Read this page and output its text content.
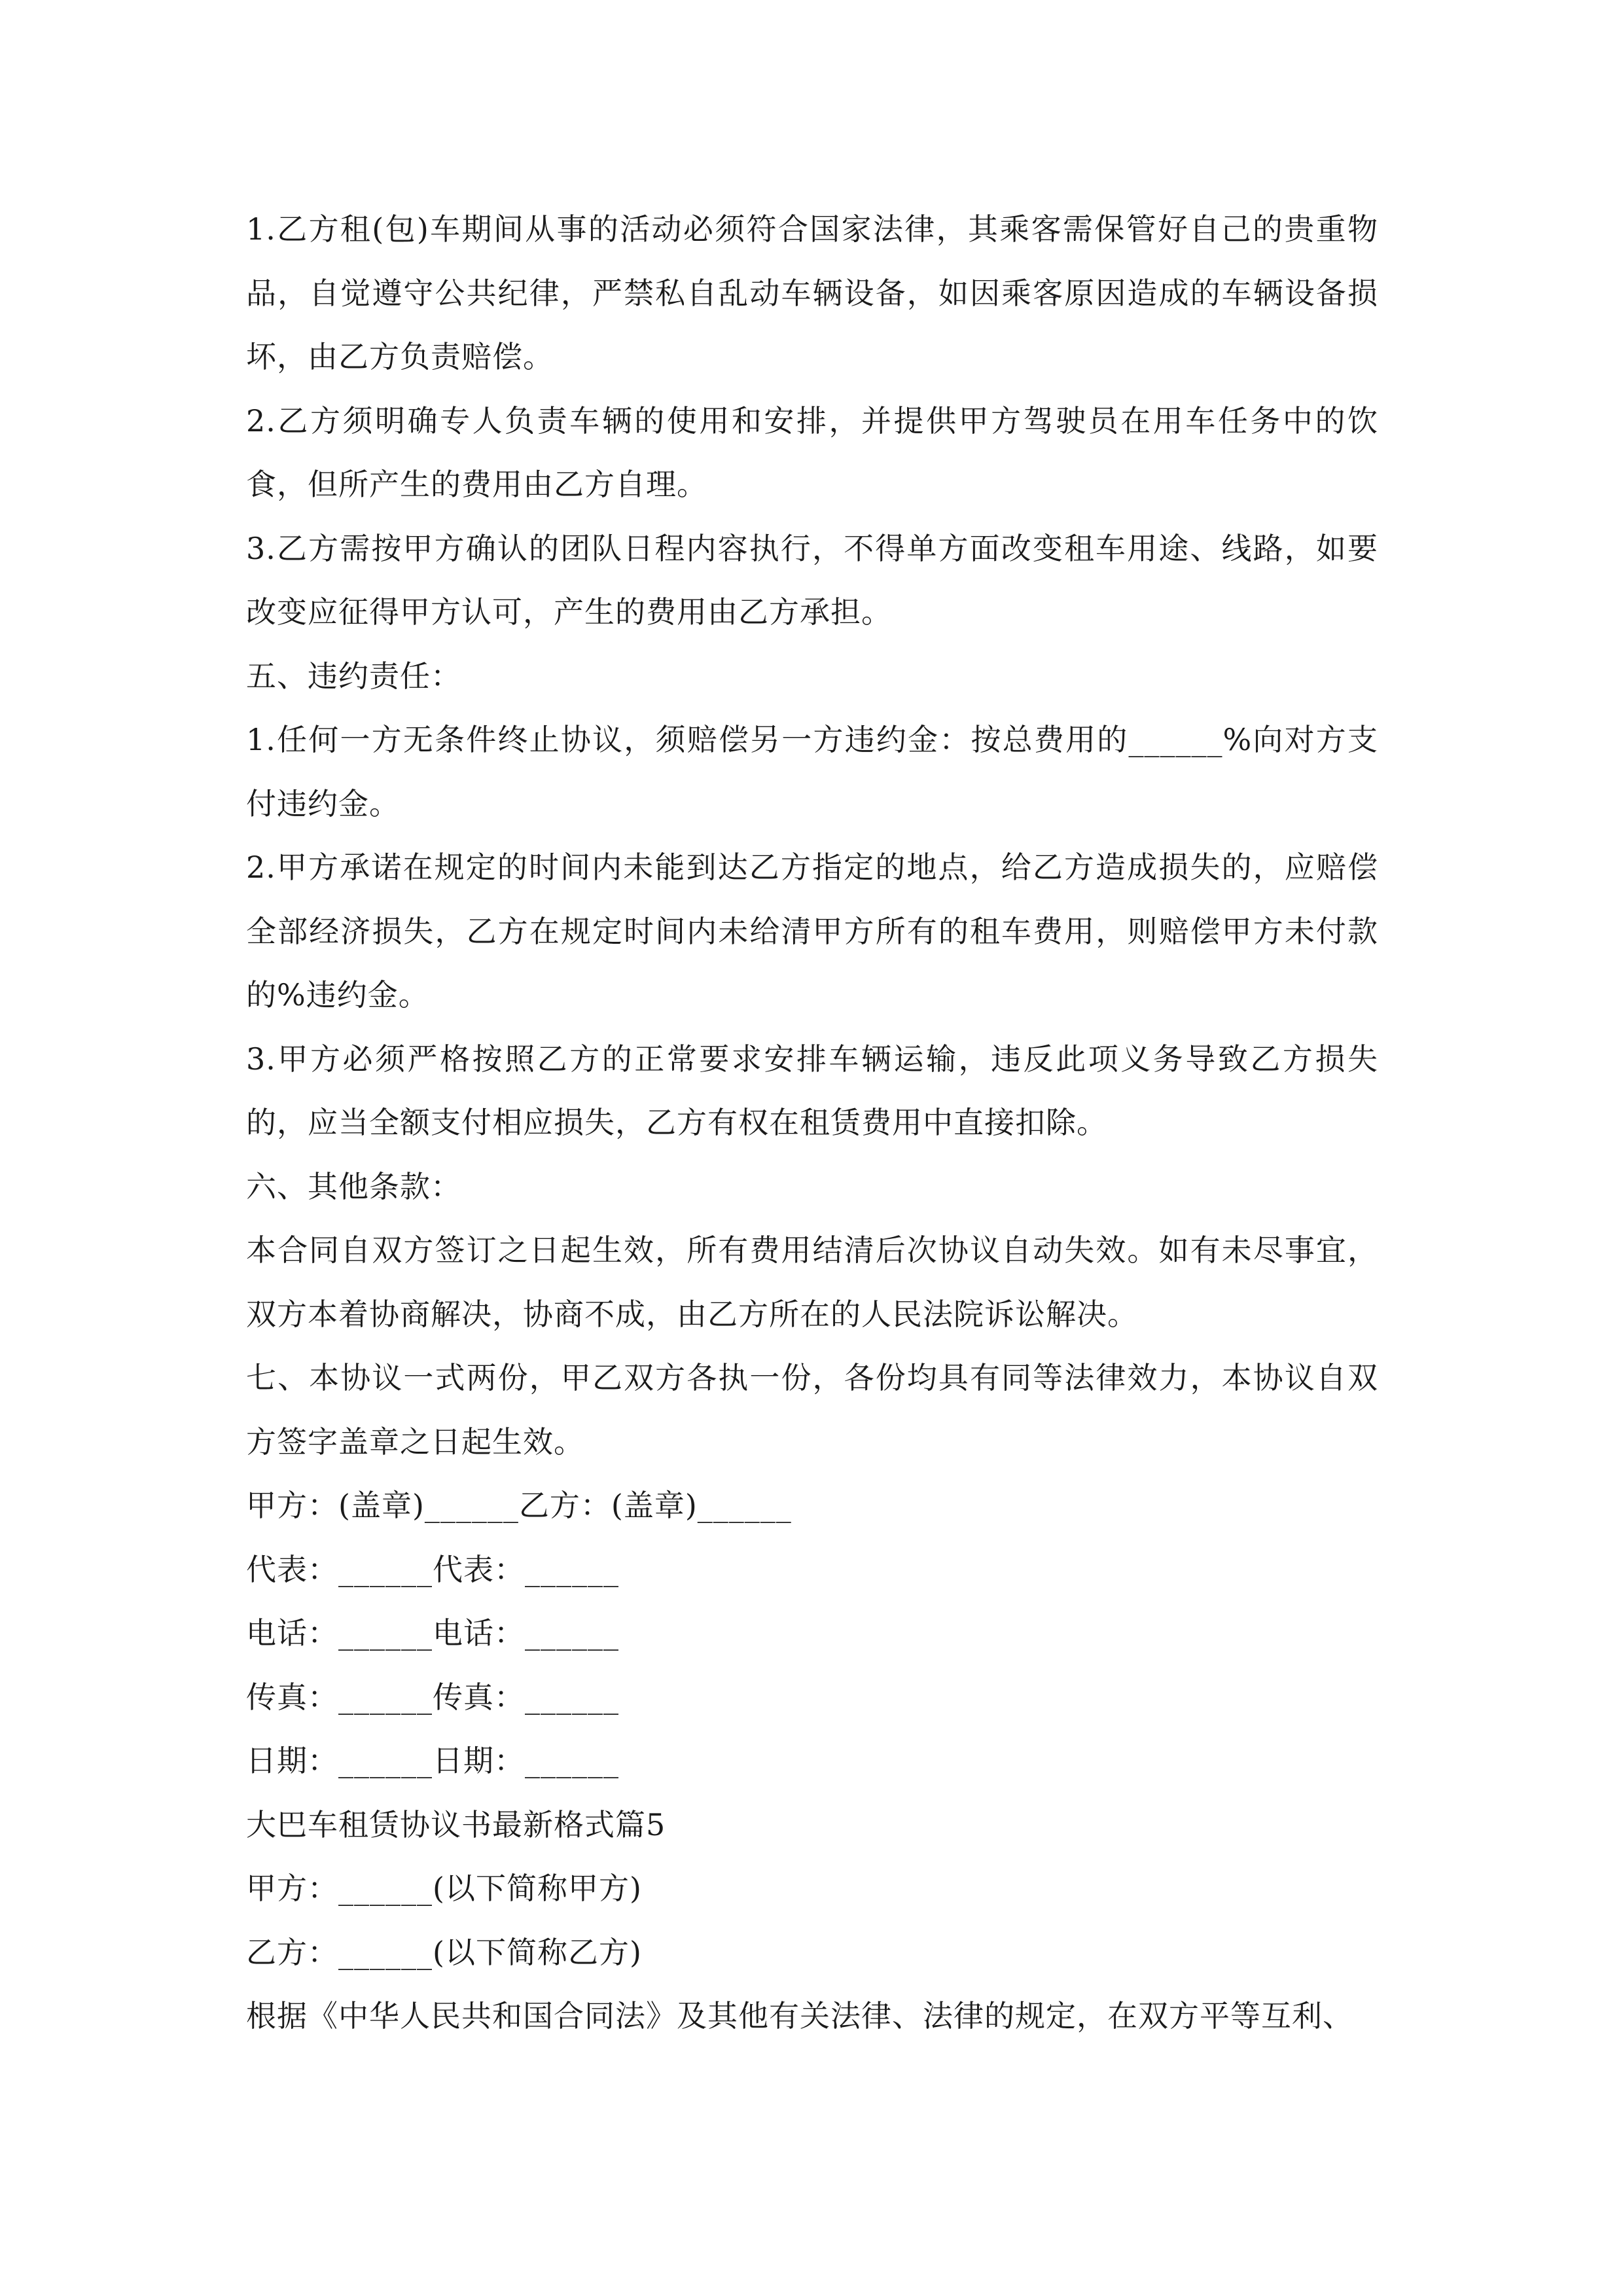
1.乙方租(包)车期间从事的活动必须符合国家法律，其乘客需保管好自己的贵重物品，自觉遵守公共纪律，严禁私自乱动车辆设备，如因乘客原因造成的车辆设备损坏，由乙方负责赔偿。

2.乙方须明确专人负责车辆的使用和安排，并提供甲方驾驶员在用车任务中的饮食，但所产生的费用由乙方自理。

3.乙方需按甲方确认的团队日程内容执行，不得单方面改变租车用途、线路，如要改变应征得甲方认可，产生的费用由乙方承担。

五、违约责任：

1.任何一方无条件终止协议，须赔偿另一方违约金：按总费用的______%向对方支付违约金。

2.甲方承诺在规定的时间内未能到达乙方指定的地点，给乙方造成损失的，应赔偿全部经济损失，乙方在规定时间内未给清甲方所有的租车费用，则赔偿甲方未付款的%违约金。

3.甲方必须严格按照乙方的正常要求安排车辆运输，违反此项义务导致乙方损失的，应当全额支付相应损失，乙方有权在租赁费用中直接扣除。

六、其他条款：

本合同自双方签订之日起生效，所有费用结清后次协议自动失效。如有未尽事宜，双方本着协商解决，协商不成，由乙方所在的人民法院诉讼解决。

七、本协议一式两份，甲乙双方各执一份，各份均具有同等法律效力，本协议自双方签字盖章之日起生效。

甲方：(盖章)______乙方：(盖章)______

代表：______代表：______

电话：______电话：______

传真：______传真：______

日期：______日期：______

大巴车租赁协议书最新格式篇5

甲方：______(以下简称甲方)

乙方：______(以下简称乙方)

根据《中华人民共和国合同法》及其他有关法律、法律的规定，在双方平等互利、
